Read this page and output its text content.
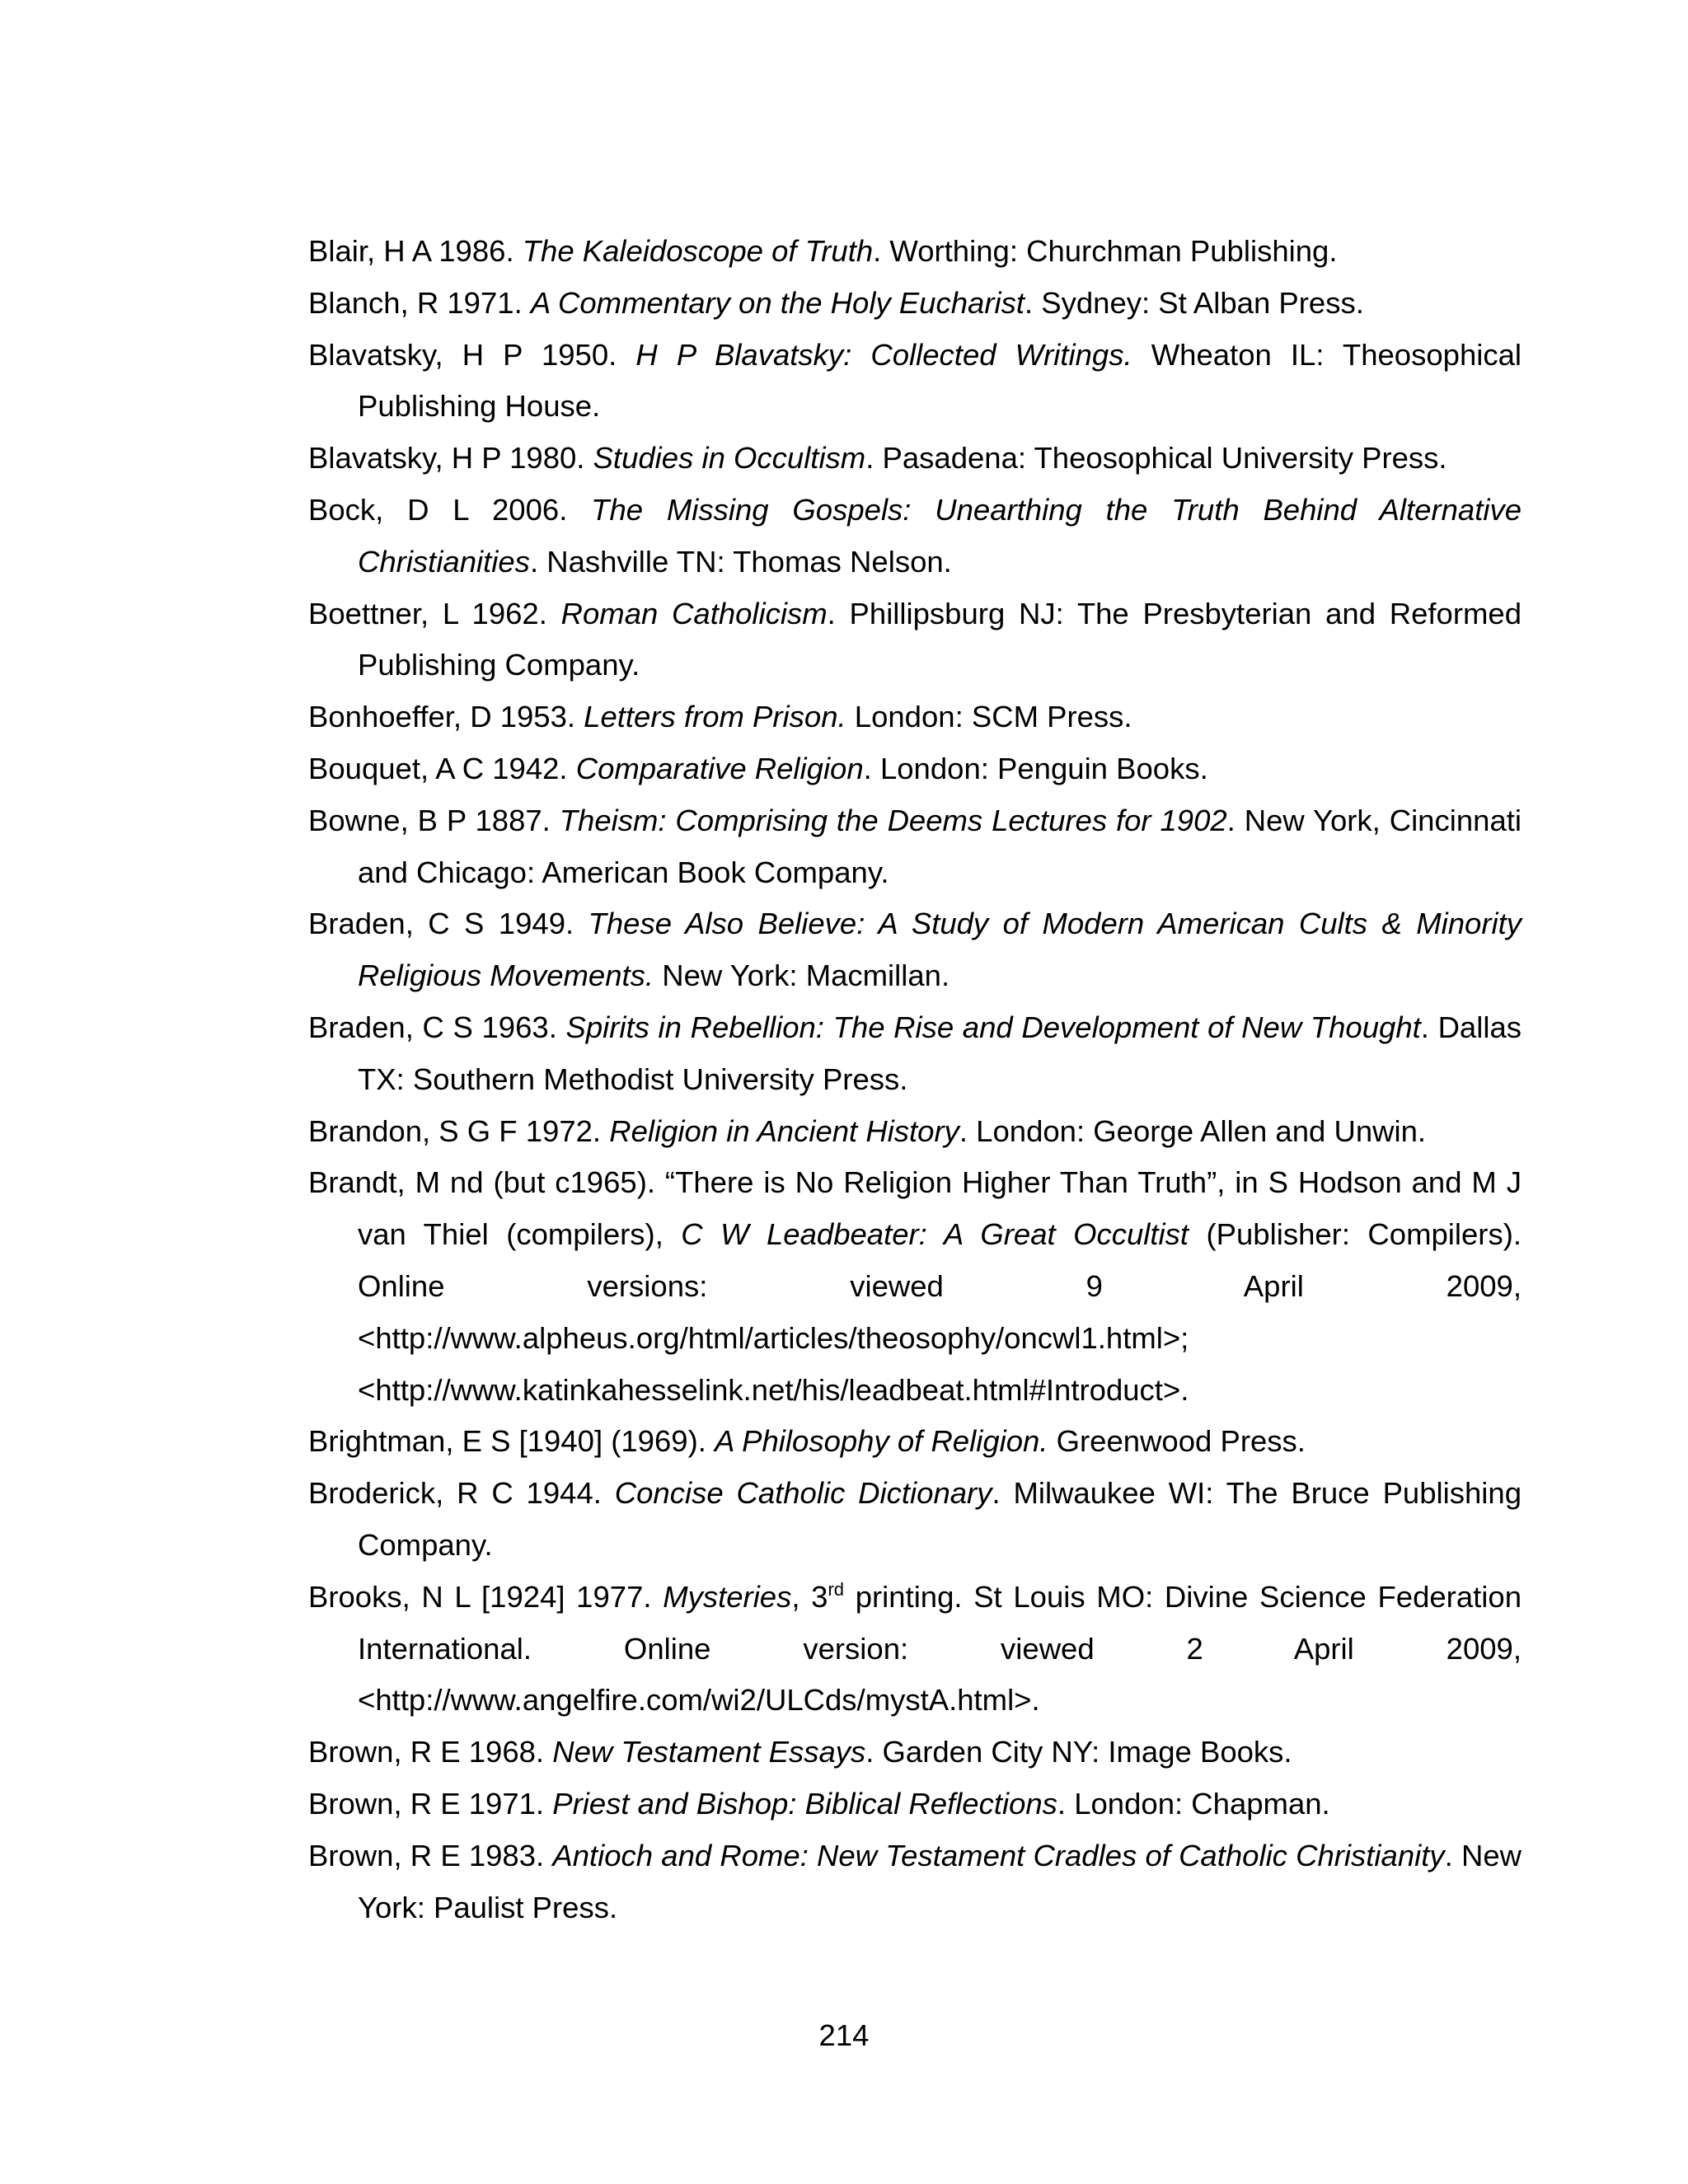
Blair, H A 1986. The Kaleidoscope of Truth. Worthing: Churchman Publishing.

Blanch, R 1971. A Commentary on the Holy Eucharist. Sydney: St Alban Press.

Blavatsky, H P 1950. H P Blavatsky: Collected Writings. Wheaton IL: Theosophical Publishing House.

Blavatsky, H P 1980. Studies in Occultism. Pasadena: Theosophical University Press.

Bock, D L 2006. The Missing Gospels: Unearthing the Truth Behind Alternative Christianities. Nashville TN: Thomas Nelson.

Boettner, L 1962. Roman Catholicism. Phillipsburg NJ: The Presbyterian and Reformed Publishing Company.

Bonhoeffer, D 1953. Letters from Prison. London: SCM Press.

Bouquet, A C 1942. Comparative Religion. London: Penguin Books.

Bowne, B P 1887. Theism: Comprising the Deems Lectures for 1902. New York, Cincinnati and Chicago: American Book Company.

Braden, C S 1949. These Also Believe: A Study of Modern American Cults & Minority Religious Movements. New York: Macmillan.

Braden, C S 1963. Spirits in Rebellion: The Rise and Development of New Thought. Dallas TX: Southern Methodist University Press.

Brandon, S G F 1972. Religion in Ancient History. London: George Allen and Unwin.

Brandt, M nd (but c1965). “There is No Religion Higher Than Truth”, in S Hodson and M J van Thiel (compilers), C W Leadbeater: A Great Occultist (Publisher: Compilers). Online versions: viewed 9 April 2009, <http://www.alpheus.org/html/articles/theosophy/oncwl1.html>; <http://www.katinkahesselink.net/his/leadbeat.html#Introduct>.

Brightman, E S [1940] (1969). A Philosophy of Religion. Greenwood Press.

Broderick, R C 1944. Concise Catholic Dictionary. Milwaukee WI: The Bruce Publishing Company.

Brooks, N L [1924] 1977. Mysteries, 3rd printing. St Louis MO: Divine Science Federation International. Online version: viewed 2 April 2009, <http://www.angelfire.com/wi2/ULCds/mystA.html>.

Brown, R E 1968. New Testament Essays. Garden City NY: Image Books.

Brown, R E 1971. Priest and Bishop: Biblical Reflections. London: Chapman.

Brown, R E 1983. Antioch and Rome: New Testament Cradles of Catholic Christianity. New York: Paulist Press.

214
